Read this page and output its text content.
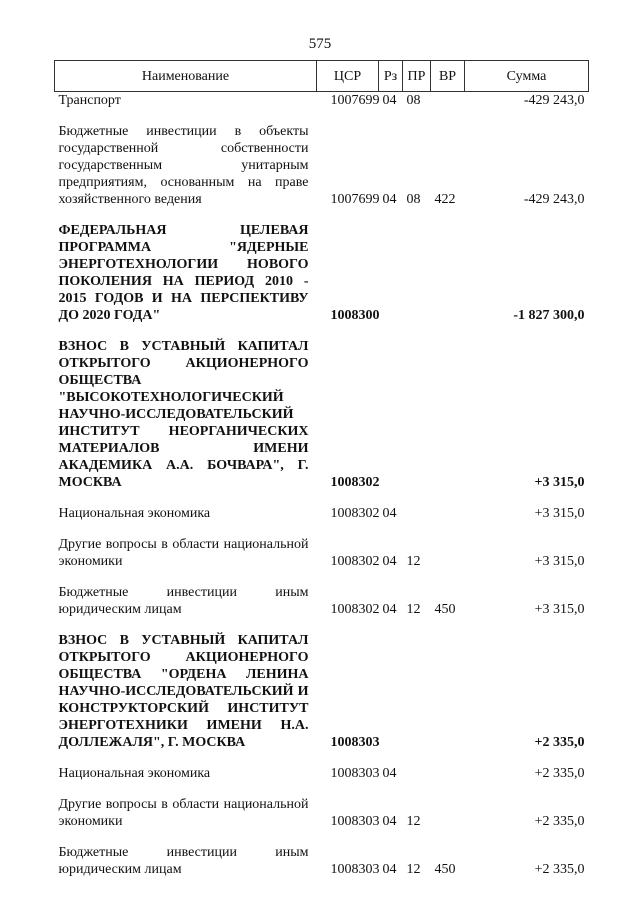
575
Наименование	ЦСР	Рз	ПР	ВР	Сумма
Транспорт	1007699	04	08		-429 243,0
Бюджетные инвестиции в объекты государственной собственности государственным унитарным предприятиям, основанным на праве хозяйственного ведения	1007699	04	08	422	-429 243,0
ФЕДЕРАЛЬНАЯ ЦЕЛЕВАЯ ПРОГРАММА "ЯДЕРНЫЕ ЭНЕРГОТЕХНОЛОГИИ НОВОГО ПОКОЛЕНИЯ НА ПЕРИОД 2010 - 2015 ГОДОВ И НА ПЕРСПЕКТИВУ ДО 2020 ГОДА"	1008300				-1 827 300,0
ВЗНОС В УСТАВНЫЙ КАПИТАЛ ОТКРЫТОГО АКЦИОНЕРНОГО ОБЩЕСТВА "ВЫСОКОТЕХНОЛОГИЧЕСКИЙ НАУЧНО-ИССЛЕДОВАТЕЛЬСКИЙ ИНСТИТУТ НЕОРГАНИЧЕСКИХ МАТЕРИАЛОВ ИМЕНИ АКАДЕМИКА А.А. БОЧВАРА", Г. МОСКВА	1008302				+3 315,0
Национальная экономика	1008302	04			+3 315,0
Другие вопросы в области национальной экономики	1008302	04	12		+3 315,0
Бюджетные инвестиции иным юридическим лицам	1008302	04	12	450	+3 315,0
ВЗНОС В УСТАВНЫЙ КАПИТАЛ ОТКРЫТОГО АКЦИОНЕРНОГО ОБЩЕСТВА "ОРДЕНА ЛЕНИНА НАУЧНО-ИССЛЕДОВАТЕЛЬСКИЙ И КОНСТРУКТОРСКИЙ ИНСТИТУТ ЭНЕРГОТЕХНИКИ ИМЕНИ Н.А. ДОЛЛЕЖАЛЯ", Г. МОСКВА	1008303				+2 335,0
Национальная экономика	1008303	04			+2 335,0
Другие вопросы в области национальной экономики	1008303	04	12		+2 335,0
Бюджетные инвестиции иным юридическим лицам	1008303	04	12	450	+2 335,0
